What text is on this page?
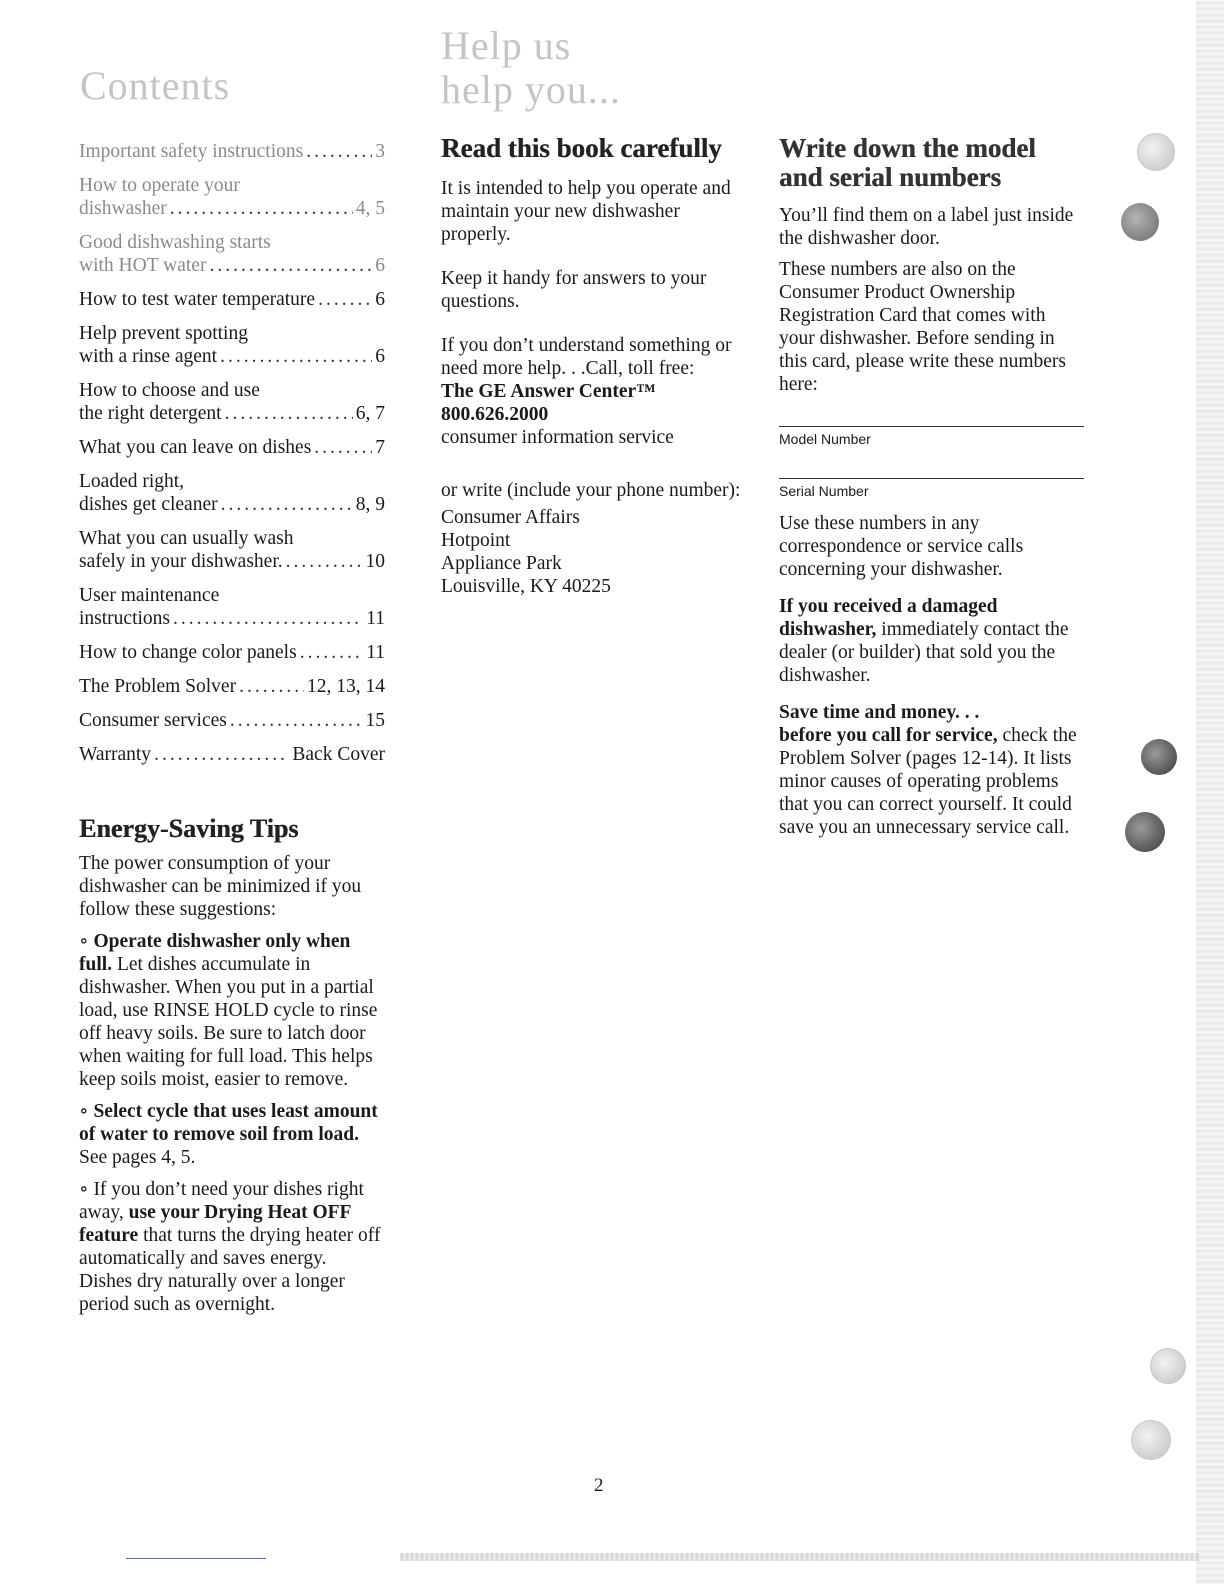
Contents
Help us
help you...
Important safety instructions .....	3
How to operate your
dishwasher .....	4, 5
Good dishwashing starts
with HOT water .....	6
How to test water temperature .....	6
Help prevent spotting
with a rinse agent .....	6
How to choose and use
the right detergent .....	6, 7
What you can leave on dishes .....	7
Loaded right,
dishes get cleaner .....	8, 9
What you can usually wash
safely in your dishwasher. .....	10
User maintenance
instructions .....	11
How to change color panels .....	11
The Problem Solver .....	12, 13, 14
Consumer services .....	15
Warranty .....	Back Cover
Energy-Saving Tips

The power consumption of your dishwasher can be minimized if you follow these suggestions:

∘ Operate dishwasher only when full. Let dishes accumulate in dishwasher. When you put in a partial load, use RINSE HOLD cycle to rinse off heavy soils. Be sure to latch door when waiting for full load. This helps keep soils moist, easier to remove.

∘ Select cycle that uses least amount of water to remove soil from load. See pages 4, 5.

∘ If you don’t need your dishes right away, use your Drying Heat OFF feature that turns the drying heater off automatically and saves energy. Dishes dry naturally over a longer period such as overnight.

Read this book carefully

It is intended to help you operate and maintain your new dishwasher properly.

Keep it handy for answers to your questions.

If you don’t understand something or need more help. . .Call, toll free:
The GE Answer Center™
800.626.2000
consumer information service

or write (include your phone number):

Consumer Affairs
Hotpoint
Appliance Park
Louisville, KY 40225
Write down the model and serial numbers

You’ll find them on a label just inside the dishwasher door.

These numbers are also on the Consumer Product Ownership Registration Card that comes with your dishwasher. Before sending in this card, please write these numbers here:

Model Number
Serial Number

Use these numbers in any correspondence or service calls concerning your dishwasher.

If you received a damaged dishwasher, immediately contact the dealer (or builder) that sold you the dishwasher.

Save time and money. . .
before you call for service, check the Problem Solver (pages 12-14). It lists minor causes of operating problems that you can correct yourself. It could save you an unnecessary service call.

2
